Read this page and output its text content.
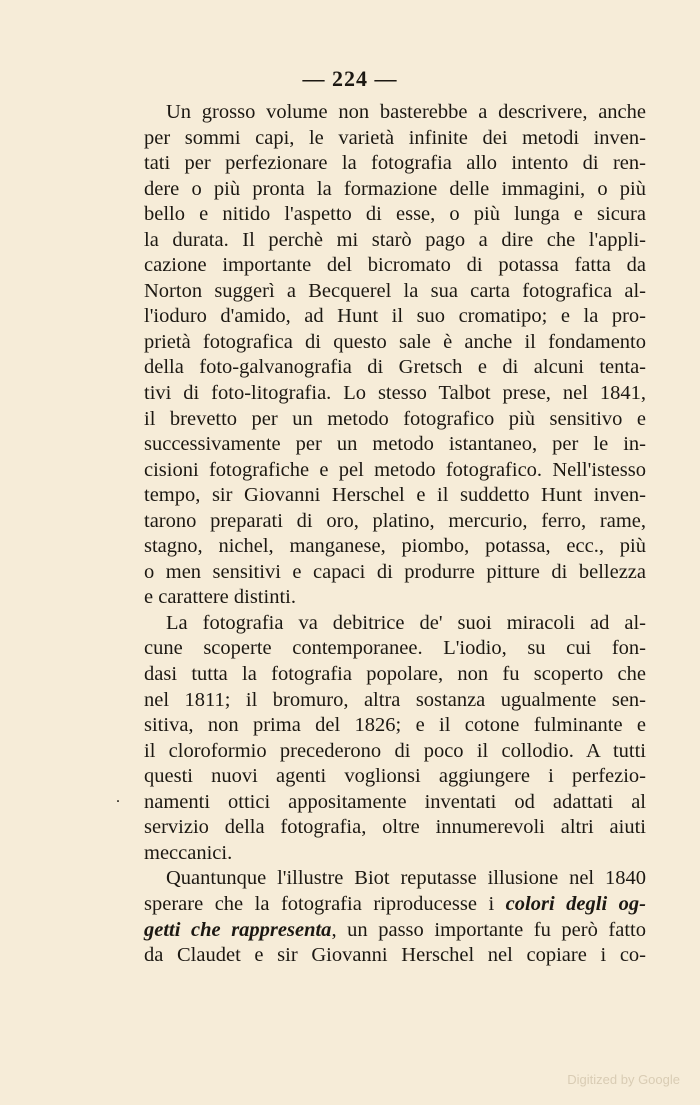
— 224 —
Un grosso volume non basterebbe a descrivere, anche
per sommi capi, le varietà infinite dei metodi inven-
tati per perfezionare la fotografia allo intento di ren-
dere o più pronta la formazione delle immagini, o più
bello e nitido l'aspetto di esse, o più lunga e sicura
la durata. Il perchè mi starò pago a dire che l'appli-
cazione importante del bicromato di potassa fatta da
Norton suggerì a Becquerel la sua carta fotografica al-
l'ioduro d'amido, ad Hunt il suo cromatipo; e la pro-
prietà fotografica di questo sale è anche il fondamento
della foto-galvanografia di Gretsch e di alcuni tenta-
tivi di foto-litografia. Lo stesso Talbot prese, nel 1841,
il brevetto per un metodo fotografico più sensitivo e
successivamente per un metodo istantaneo, per le in-
cisioni fotografiche e pel metodo fotografico. Nell'istesso
tempo, sir Giovanni Herschel e il suddetto Hunt inven-
tarono preparati di oro, platino, mercurio, ferro, rame,
stagno, nichel, manganese, piombo, potassa, ecc., più
o men sensitivi e capaci di produrre pitture di bellezza
e carattere distinti.
La fotografia va debitrice de' suoi miracoli ad al-
cune scoperte contemporanee. L'iodio, su cui fon-
dasi tutta la fotografia popolare, non fu scoperto che
nel 1811; il bromuro, altra sostanza ugualmente sen-
sitiva, non prima del 1826; e il cotone fulminante e
il cloroformio precederono di poco il collodio. A tutti
questi nuovi agenti voglionsi aggiungere i perfezio-
namenti ottici appositamente inventati od adattati al
servizio della fotografia, oltre innumerevoli altri aiuti
meccanici.
Quantunque l'illustre Biot reputasse illusione nel 1840
sperare che la fotografia riproducesse i colori degli og-
getti che rappresenta, un passo importante fu però fatto
da Claudet e sir Giovanni Herschel nel copiare i co-
.
Digitized by Google
